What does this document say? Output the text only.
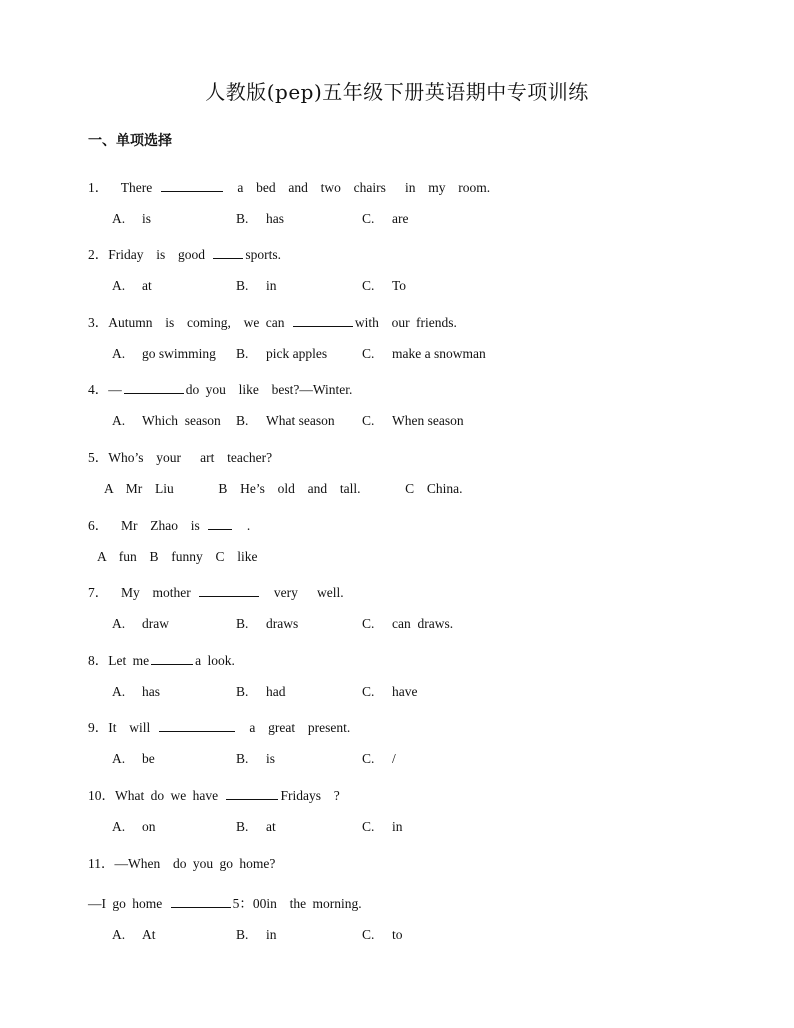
人教版(pep)五年级下册英语期中专项训练
一、单项选择
1．  There	a  bed  and  two  chairs   in  my  room.

A. is

	B. has

	C. are

2．Friday  is  good	sports.

A. at

	B. in

	C. To

3．Autumn  is  coming,  we can	with  our friends.

A. go swimming

B. pick apples

	C. make a snowman

4．—	do you  like  best?—Winter.

A. Which  season

B. What season

C. When season

5．Who’s  your   art  teacher?
A  Mr  Liu       B  He’s  old  and  tall.       C  China.
6．  Mr  Zhao  is   .
A  fun  B  funny  C  like
7．  My  mother	very   well.

A. draw

	B. draws

	C. can  draws.

8．Let me	a look.

A. has

	B. had

	C. have

9．It  will	a  great  present.

A. be

	B. is

	C. /

10．What do we have	Fridays  ?

A. on

	B. at

	C. in

11．—When  do you go home?
—I go home	5：00in  the morning.

A. At

	B. in

	C. to
